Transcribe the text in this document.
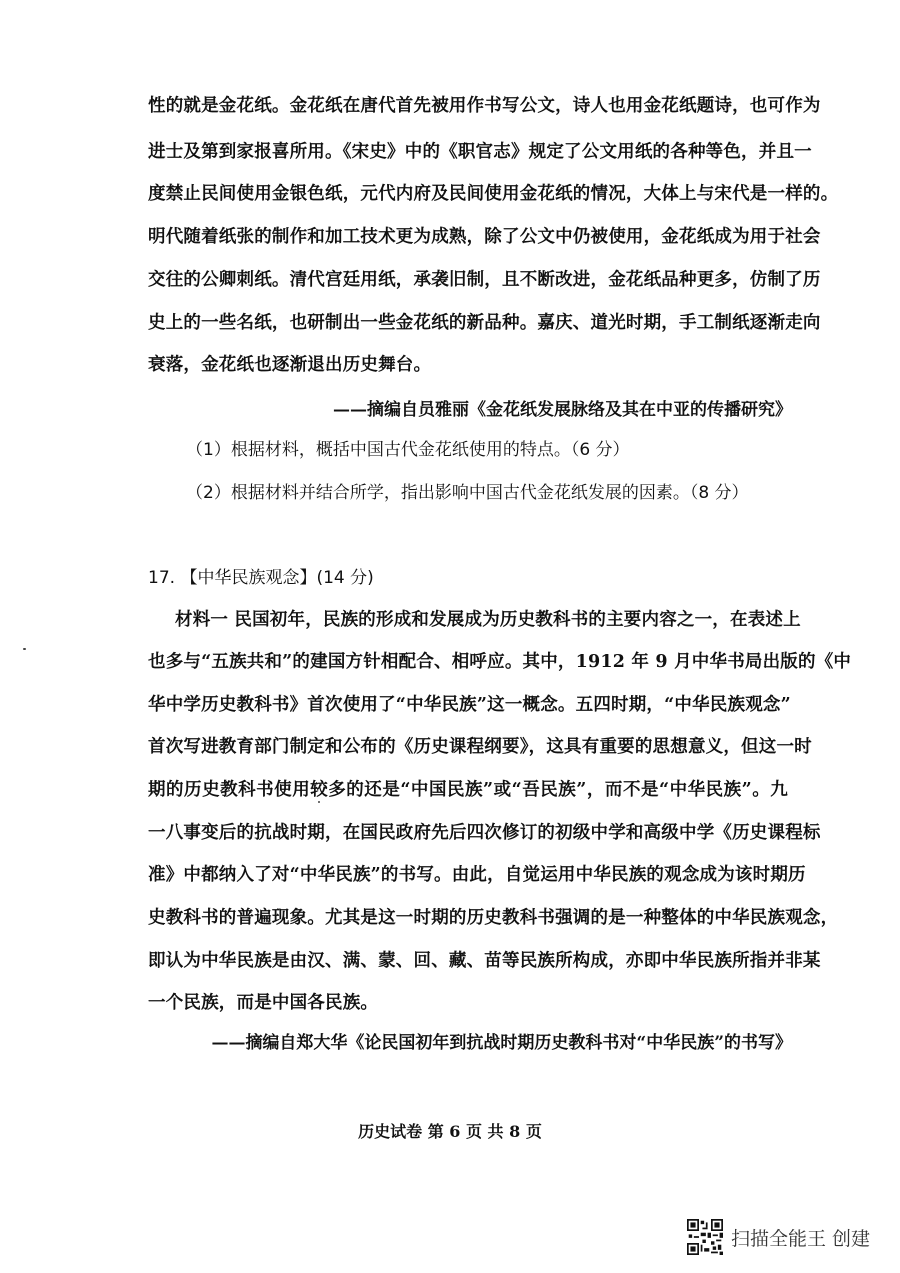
性的就是金花纸。金花纸在唐代首先被用作书写公文，诗人也用金花纸题诗，也可作为
进士及第到家报喜所用。《宋史》中的《职官志》规定了公文用纸的各种等色，并且一
度禁止民间使用金银色纸，元代内府及民间使用金花纸的情况，大体上与宋代是一样的。
明代随着纸张的制作和加工技术更为成熟，除了公文中仍被使用，金花纸成为用于社会
交往的公卿刺纸。清代宫廷用纸，承袭旧制，且不断改进，金花纸品种更多，仿制了历
史上的一些名纸，也研制出一些金花纸的新品种。嘉庆、道光时期，手工制纸逐渐走向
衰落，金花纸也逐渐退出历史舞台。
——摘编自员雅丽《金花纸发展脉络及其在中亚的传播研究》
（1）根据材料，概括中国古代金花纸使用的特点。（6 分）
（2）根据材料并结合所学，指出影响中国古代金花纸发展的因素。（8 分）
17. 【中华民族观念】(14 分)
材料一 民国初年，民族的形成和发展成为历史教科书的主要内容之一，在表述上
也多与“五族共和”的建国方针相配合、相呼应。其中，1912 年 9 月中华书局出版的《中
华中学历史教科书》首次使用了“中华民族”这一概念。五四时期，“中华民族观念”
首次写进教育部门制定和公布的《历史课程纲要》，这具有重要的思想意义，但这一时
期的历史教科书使用较多的还是“中国民族”或“吾民族”，而不是“中华民族”。九
一八事变后的抗战时期，在国民政府先后四次修订的初级中学和高级中学《历史课程标
准》中都纳入了对“中华民族”的书写。由此，自觉运用中华民族的观念成为该时期历
史教科书的普遍现象。尤其是这一时期的历史教科书强调的是一种整体的中华民族观念，
即认为中华民族是由汉、满、蒙、回、藏、苗等民族所构成，亦即中华民族所指并非某
一个民族，而是中国各民族。
——摘编自郑大华《论民国初年到抗战时期历史教科书对“中华民族”的书写》
历史试卷 第 6 页 共 8 页
扫描全能王 创建
